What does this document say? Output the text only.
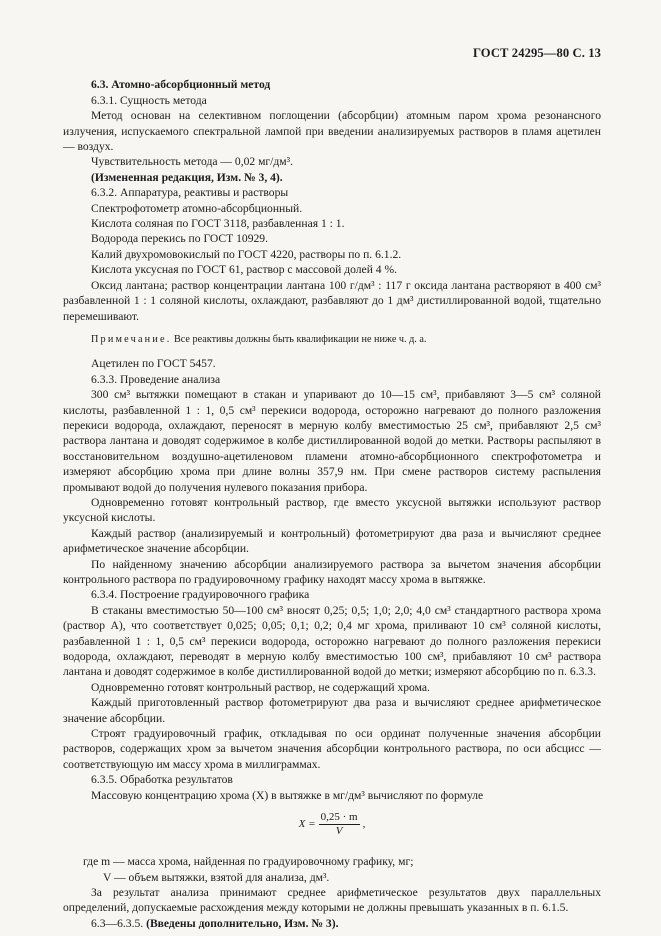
ГОСТ 24295—80 С. 13

6.3. Атомно-абсорбционный метод

6.3.1. Сущность метода

Метод основан на селективном поглощении (абсорбции) атомным паром хрома резонансного излучения, испускаемого спектральной лампой при введении анализируемых растворов в пламя ацетилен — воздух.

Чувствительность метода — 0,02 мг/дм³.

(Измененная редакция, Изм. № 3, 4).

6.3.2. Аппаратура, реактивы и растворы

Спектрофотометр атомно-абсорбционный.

Кислота соляная по ГОСТ 3118, разбавленная 1 : 1.

Водорода перекись по ГОСТ 10929.

Калий двухромовокислый по ГОСТ 4220, растворы по п. 6.1.2.

Кислота уксусная по ГОСТ 61, раствор с массовой долей 4 %.

Оксид лантана; раствор концентрации лантана 100 г/дм³ : 117 г оксида лантана растворяют в 400 см³ разбавленной 1 : 1 соляной кислоты, охлаждают, разбавляют до 1 дм³ дистиллированной водой, тщательно перемешивают.

Примечание. Все реактивы должны быть квалификации не ниже ч. д. а.

Ацетилен по ГОСТ 5457.

6.3.3. Проведение анализа

300 см³ вытяжки помещают в стакан и упаривают до 10—15 см³, прибавляют 3—5 см³ соляной кислоты, разбавленной 1 : 1, 0,5 см³ перекиси водорода, осторожно нагревают до полного разложения перекиси водорода, охлаждают, переносят в мерную колбу вместимостью 25 см³, прибавляют 2,5 см³ раствора лантана и доводят содержимое в колбе дистиллированной водой до метки. Растворы распыляют в восстановительном воздушно-ацетиленовом пламени атомно-абсорбционного спектрофотометра и измеряют абсорбцию хрома при длине волны 357,9 нм. При смене растворов систему распыления промывают водой до получения нулевого показания прибора.

Одновременно готовят контрольный раствор, где вместо уксусной вытяжки используют раствор уксусной кислоты.

Каждый раствор (анализируемый и контрольный) фотометрируют два раза и вычисляют среднее арифметическое значение абсорбции.

По найденному значению абсорбции анализируемого раствора за вычетом значения абсорбции контрольного раствора по градуировочному графику находят массу хрома в вытяжке.

6.3.4. Построение градуировочного графика

В стаканы вместимостью 50—100 см³ вносят 0,25; 0,5; 1,0; 2,0; 4,0 см³ стандартного раствора хрома (раствор А), что соответствует 0,025; 0,05; 0,1; 0,2; 0,4 мг хрома, приливают 10 см³ соляной кислоты, разбавленной 1 : 1, 0,5 см³ перекиси водорода, осторожно нагревают до полного разложения перекиси водорода, охлаждают, переводят в мерную колбу вместимостью 100 см³, прибавляют 10 см³ раствора лантана и доводят содержимое в колбе дистиллированной водой до метки; измеряют абсорбцию по п. 6.3.3.

Одновременно готовят контрольный раствор, не содержащий хрома.

Каждый приготовленный раствор фотометрируют два раза и вычисляют среднее арифметическое значение абсорбции.

Строят градуировочный график, откладывая по оси ординат полученные значения абсорбции растворов, содержащих хром за вычетом значения абсорбции контрольного раствора, по оси абсцисс — соответствующую им массу хрома в миллиграммах.

6.3.5. Обработка результатов

Массовую концентрацию хрома (X) в вытяжке в мг/дм³ вычисляют по формуле

$X = \frac{0,25 \cdot m}{V}$ ,

где m — масса хрома, найденная по градуировочному графику, мг;

V — объем вытяжки, взятой для анализа, дм³.

За результат анализа принимают среднее арифметическое результатов двух параллельных определений, допускаемые расхождения между которыми не должны превышать указанных в п. 6.1.5.

6.3—6.3.5. (Введены дополнительно, Изм. № 3).
